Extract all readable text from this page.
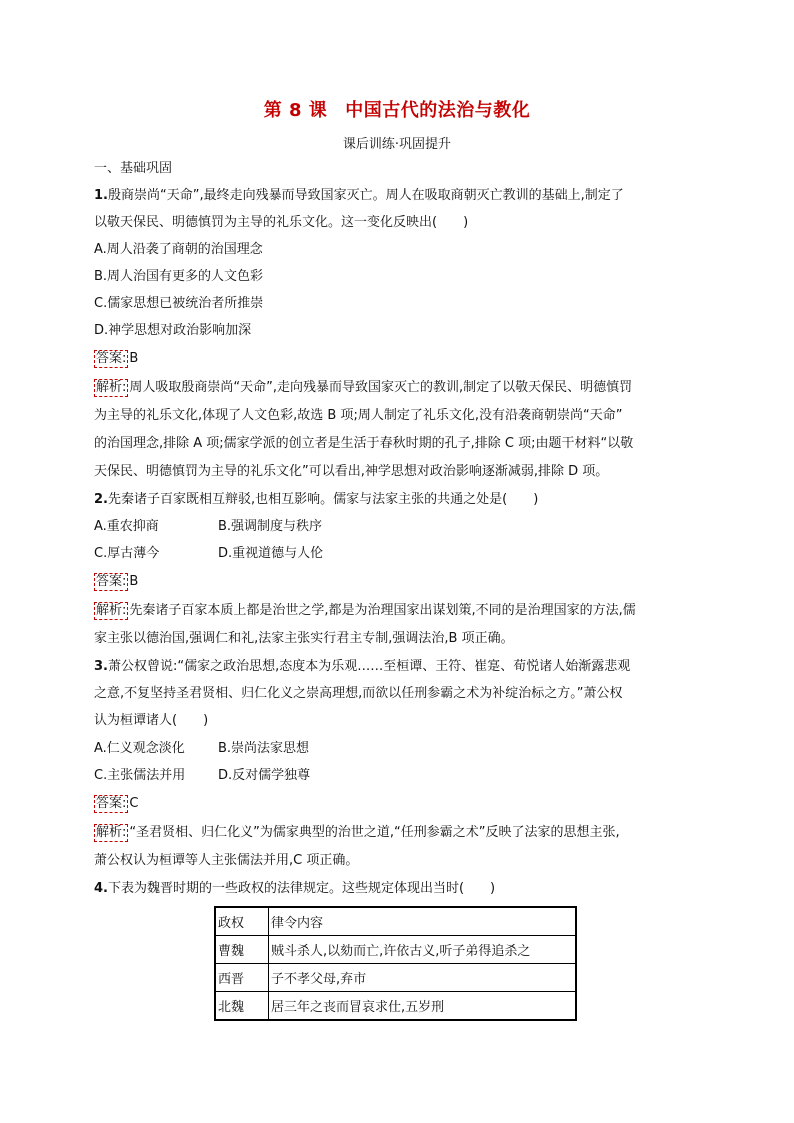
第 8 课 中国古代的法治与教化
课后训练·巩固提升
一、基础巩固
1.殷商崇尚“天命”,最终走向残暴而导致国家灭亡。周人在吸取商朝灭亡教训的基础上,制定了
以敬天保民、明德慎罚为主导的礼乐文化。这一变化反映出(　　)
A.周人沿袭了商朝的治国理念
B.周人治国有更多的人文色彩
C.儒家思想已被统治者所推崇
D.神学思想对政治影响加深
答案: B
解析: 周人吸取殷商崇尚“天命”,走向残暴而导致国家灭亡的教训,制定了以敬天保民、明德慎罚
为主导的礼乐文化,体现了人文色彩,故选 B 项;周人制定了礼乐文化,没有沿袭商朝崇尚“天命”
的治国理念,排除 A 项;儒家学派的创立者是生活于春秋时期的孔子,排除 C 项;由题干材料“以敬
天保民、明德慎罚为主导的礼乐文化”可以看出,神学思想对政治影响逐渐减弱,排除 D 项。
2.先秦诸子百家既相互辩驳,也相互影响。儒家与法家主张的共通之处是(　　)
A.重农抑商	B.强调制度与秩序
C.厚古薄今	D.重视道德与人伦
答案: B
解析: 先秦诸子百家本质上都是治世之学,都是为治理国家出谋划策,不同的是治理国家的方法,儒
家主张以德治国,强调仁和礼,法家主张实行君主专制,强调法治,B 项正确。
3.萧公权曾说:“儒家之政治思想,态度本为乐观……至桓谭、王符、崔寔、荀悦诸人始渐露悲观
之意,不复坚持圣君贤相、归仁化义之崇高理想,而欲以任刑参霸之术为补绽治标之方。”萧公权
认为桓谭诸人(　　)
A.仁义观念淡化	B.崇尚法家思想
C.主张儒法并用	D.反对儒学独尊
答案: C
解析: “圣君贤相、归仁化义”为儒家典型的治世之道,“任刑参霸之术”反映了法家的思想主张,
萧公权认为桓谭等人主张儒法并用,C 项正确。
4.下表为魏晋时期的一些政权的法律规定。这些规定体现出当时(　　)
政权	律令内容
曹魏	贼斗杀人,以劾而亡,许依古义,听子弟得追杀之
西晋	子不孝父母,弃市
北魏	居三年之丧而冒哀求仕,五岁刑
